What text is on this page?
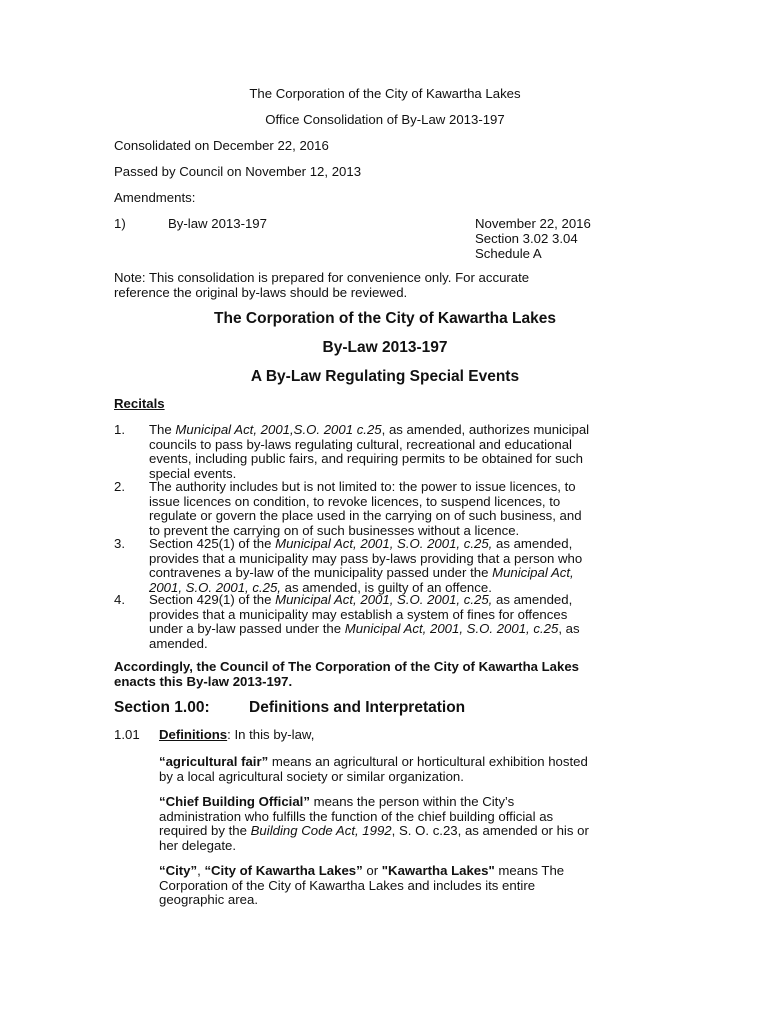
The Corporation of the City of Kawartha Lakes
Office Consolidation of By-Law 2013-197
Consolidated on December 22, 2016
Passed by Council on November 12, 2013
Amendments:
1)	By-law 2013-197	November 22, 2016
Section 3.02 3.04
Schedule A
Note: This consolidation is prepared for convenience only. For accurate
reference the original by-laws should be reviewed.
The Corporation of the City of Kawartha Lakes
By-Law 2013-197
A By-Law Regulating Special Events
Recitals
1.	The Municipal Act, 2001,S.O. 2001 c.25, as amended, authorizes municipal
councils to pass by-laws regulating cultural, recreational and educational
events, including public fairs, and requiring permits to be obtained for such
special events.
2.	The authority includes but is not limited to: the power to issue licences, to
issue licences on condition, to revoke licences, to suspend licences, to
regulate or govern the place used in the carrying on of such business, and
to prevent the carrying on of such businesses without a licence.
3.	Section 425(1) of the Municipal Act, 2001, S.O. 2001, c.25, as amended,
provides that a municipality may pass by-laws providing that a person who
contravenes a by-law of the municipality passed under the Municipal Act,
2001, S.O. 2001, c.25, as amended, is guilty of an offence.
4.	Section 429(1) of the Municipal Act, 2001, S.O. 2001, c.25, as amended,
provides that a municipality may establish a system of fines for offences
under a by-law passed under the Municipal Act, 2001, S.O. 2001, c.25, as
amended.
Accordingly, the Council of The Corporation of the City of Kawartha Lakes
enacts this By-law 2013-197.
Section 1.00:	Definitions and Interpretation
1.01 Definitions: In this by-law,
“agricultural fair” means an agricultural or horticultural exhibition hosted
by a local agricultural society or similar organization.
“Chief Building Official” means the person within the City’s
administration who fulfills the function of the chief building official as
required by the Building Code Act, 1992, S. O. c.23, as amended or his or
her delegate.
“City”, “City of Kawartha Lakes” or "Kawartha Lakes" means The
Corporation of the City of Kawartha Lakes and includes its entire
geographic area.
